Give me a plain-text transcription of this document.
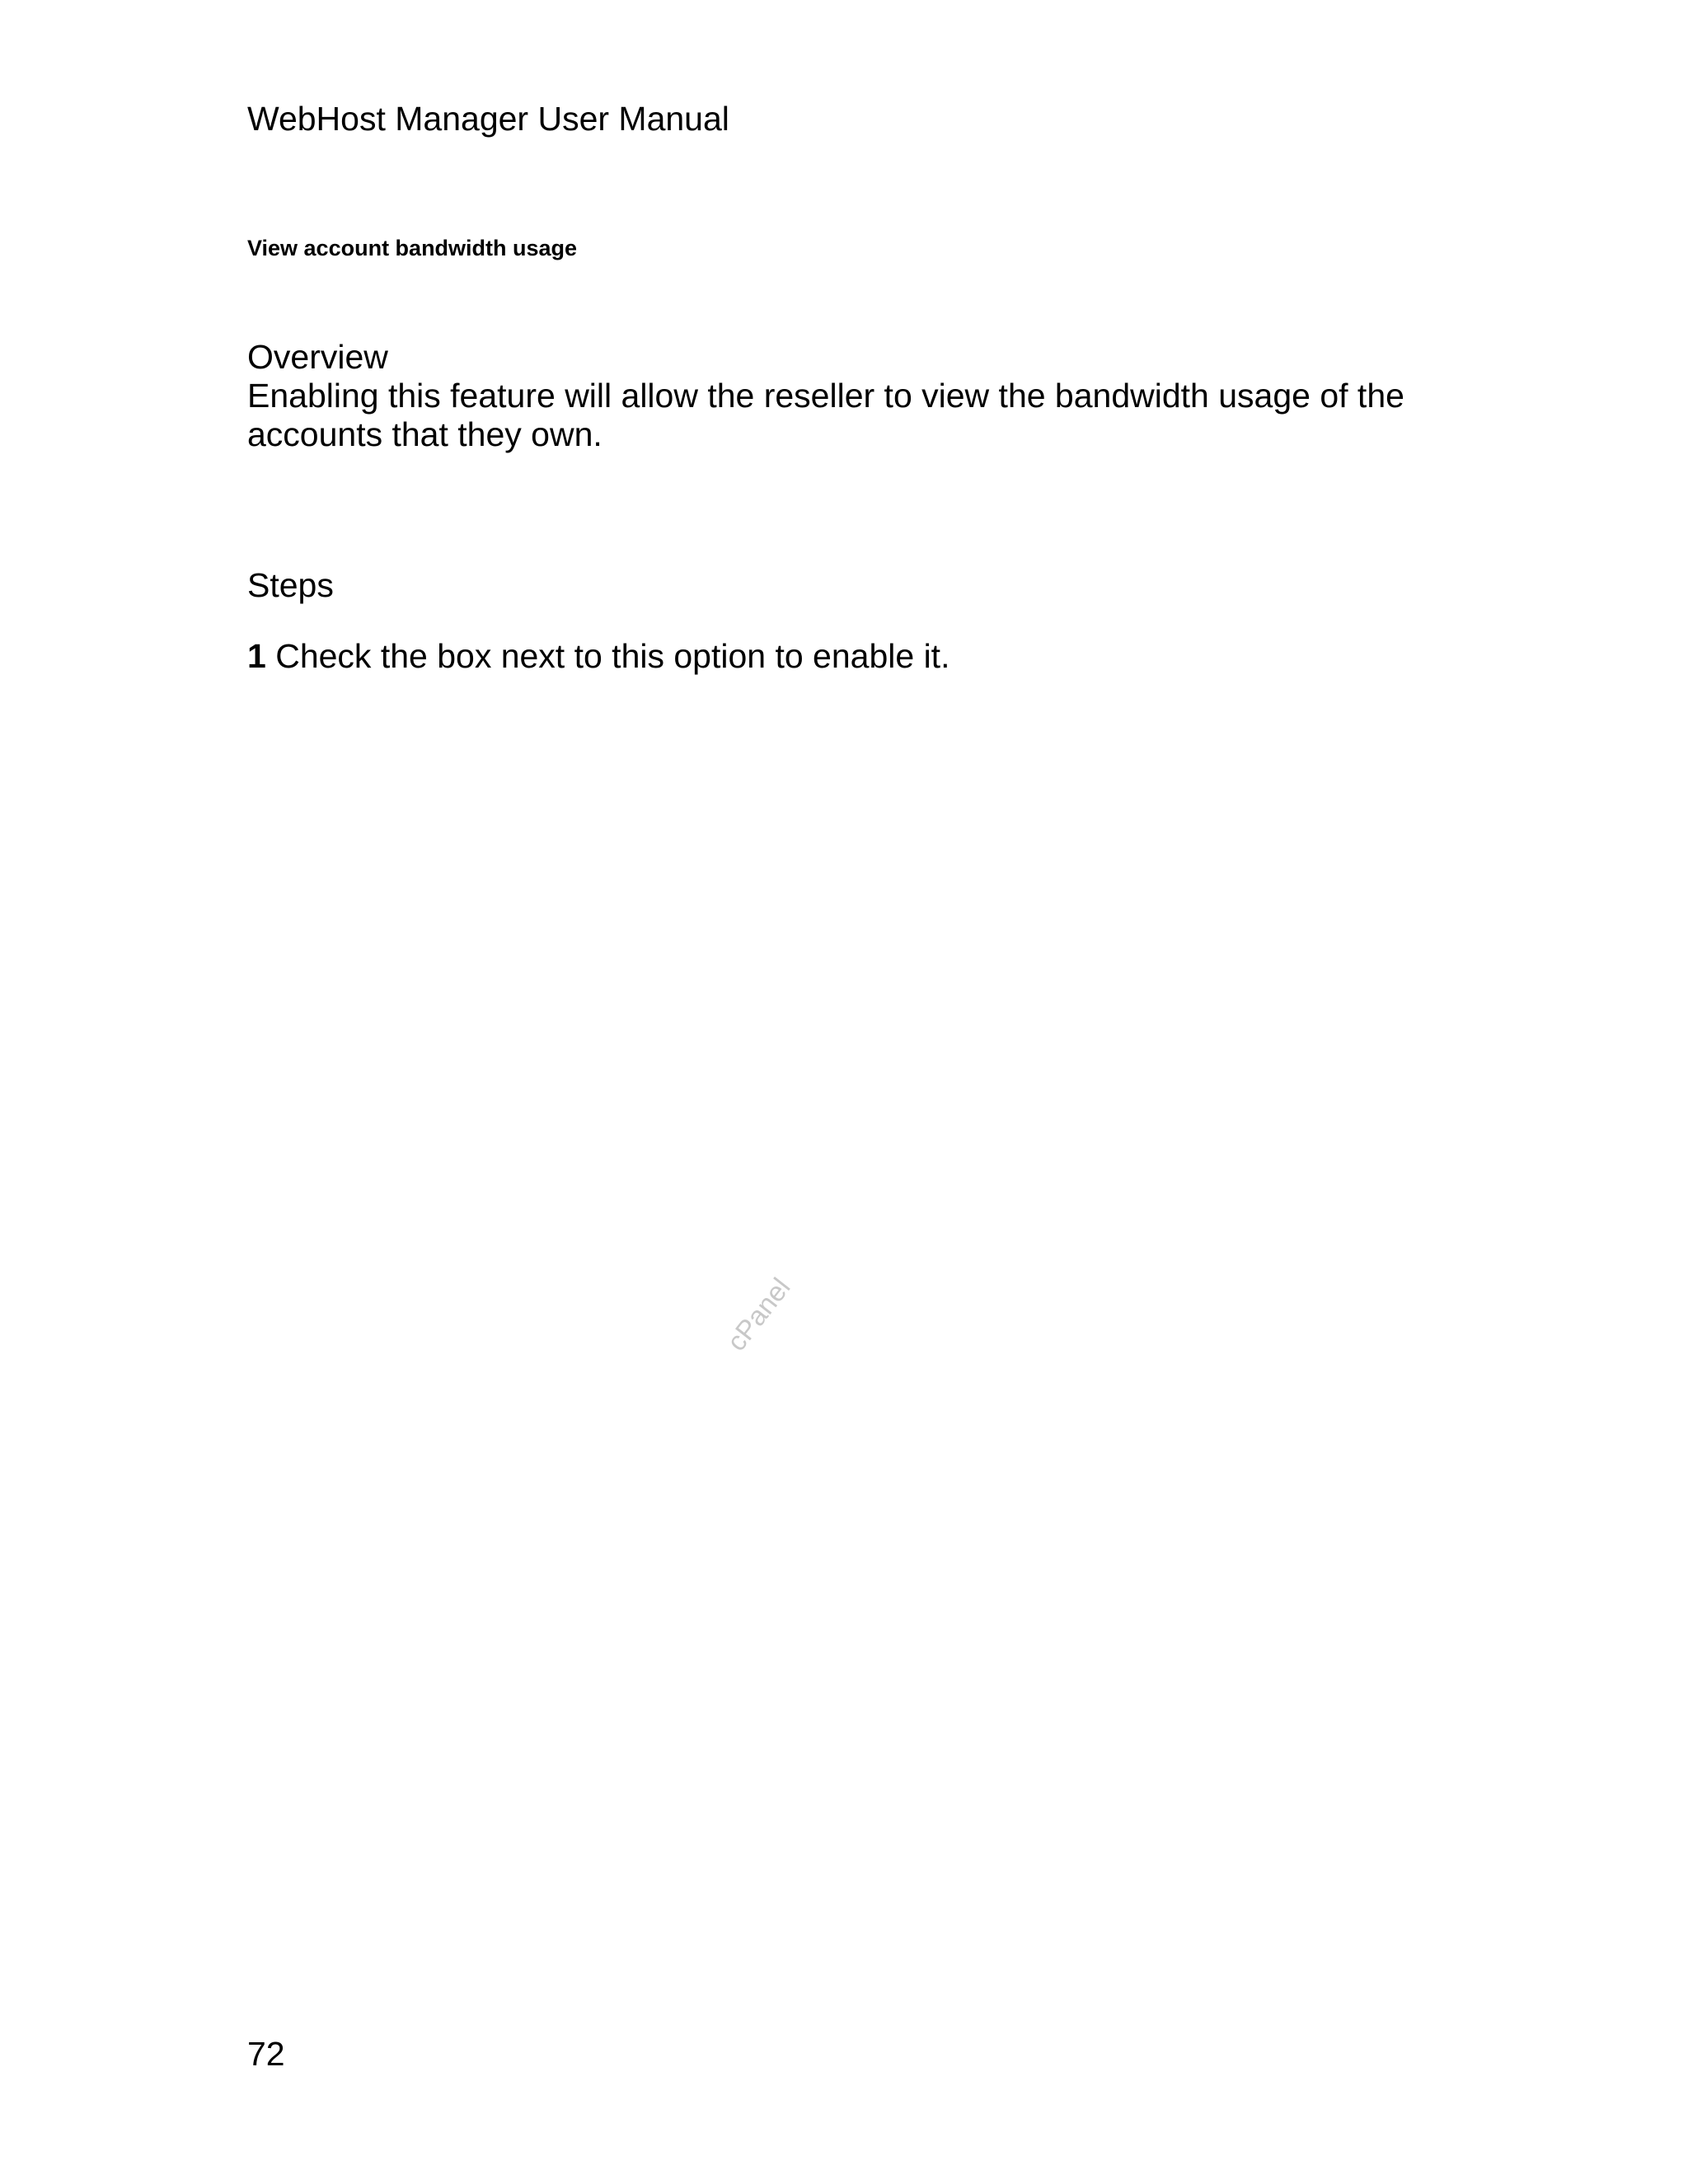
WebHost Manager User Manual
View account bandwidth usage

Overview

Enabling this feature will allow the reseller to view the bandwidth usage of the

accounts that they own.

Steps
1 Check the box next to this option to enable it.
cPanel
72
